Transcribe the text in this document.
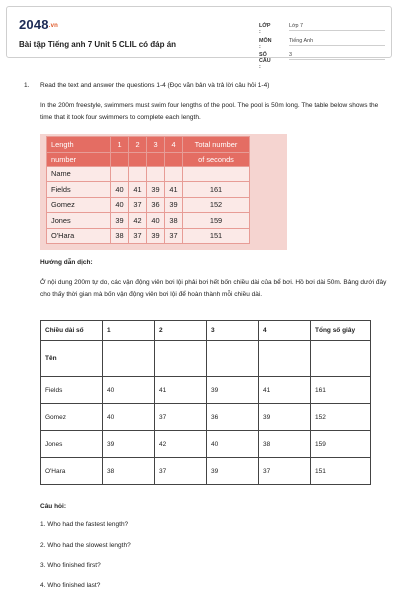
2048.vn
Bài tập Tiếng anh 7 Unit 5 CLIL có đáp án
LỚP :
Lớp 7
MÔN :
Tiếng Anh
SỐ CÂU :
3
1. Read the text and answer the questions 1-4 (Đọc văn bản và trả lời câu hỏi 1-4)
In the 200m freestyle, swimmers must swim four lengths of the pool. The pool is 50m long. The table below shows the time that it took four swimmers to complete each length.
Length	1	2	3	4	Total number
number					of seconds
Name					
Fields	40	41	39	41	161
Gomez	40	37	36	39	152
Jones	39	42	40	38	159
O'Hara	38	37	39	37	151
Hướng dẫn dịch:
Ở nội dung 200m tự do, các vận động viên bơi lội phải bơi hết bốn chiều dài của bể bơi. Hồ bơi dài 50m. Bảng dưới đây cho thấy thời gian mà bốn vận động viên bơi lội để hoàn thành mỗi chiều dài.
Chiều dài số	1	2	3	4	Tổng số giây
Tên					
Fields	40	41	39	41	161
Gomez	40	37	36	39	152
Jones	39	42	40	38	159
O'Hara	38	37	39	37	151
Câu hỏi:
1. Who had the fastest length?
2. Who had the slowest length?
3. Who finished first?
4. Who finished last?
